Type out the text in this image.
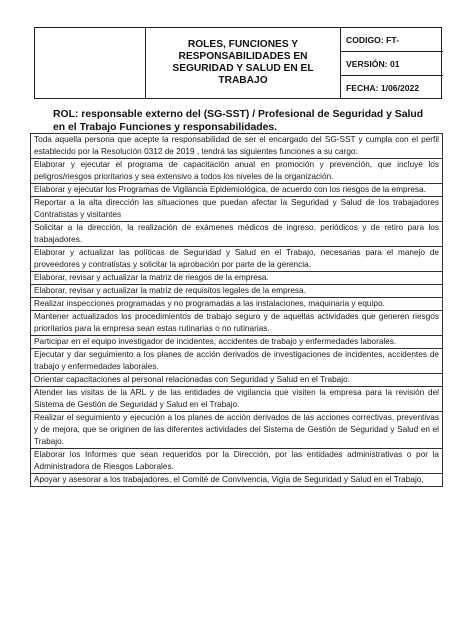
ROLES, FUNCIONES Y RESPONSABILIDADES EN SEGURIDAD Y SALUD EN EL TRABAJO
CODIGO: FT-
VERSIÓN: 01
FECHA: 1/06/2022
ROL: responsable externo del (SG-SST) / Profesional de Seguridad y Salud en el Trabajo Funciones y responsabilidades.
Toda aquella persona que acepte la responsabilidad de ser el encargado del SG-SST y cumpla con el perfil establecido por la Resolución 0312 de 2019 , tendrá las siguientes funciones a su cargo:
Elaborar y ejecutar el programa de capacitación anual en promoción y prevención, que incluye los peligros/riesgos prioritarios y sea extensivo a todos los niveles de la organización.
Elaborar y ejecutar los Programas de Vigilancia Epidemiológica, de acuerdo con los riesgos de la empresa.
Reportar a la alta dirección las situaciones que puedan afectar la Seguridad y Salud de los trabajadores Contratistas y visitantes
Solicitar a la dirección, la realización de exámenes médicos de ingreso, periódicos y de retiro para los trabajadores.
Elaborar y actualizar las políticas de Seguridad y Salud en el Trabajo, necesarias para el manejo de proveedores y contratistas y solicitar la aprobación por parte de la gerencia.
Elaborar, revisar y actualizar la matriz de riesgos de la empresa.
Elaborar, revisar y actualizar la matriz de requisitos legales de la empresa.
Realizar inspecciones programadas y no programadas a las instalaciones, maquinaria y equipo.
Mantener actualizados los procedimientos de trabajo seguro y de aquellas actividades que generen riesgos prioritarios para la empresa sean estas rutinarias o no rutinarias.
Participar en el equipo investigador de incidentes, accidentes de trabajo y enfermedades laborales.
Ejecutar y dar seguimiento a los planes de acción derivados de investigaciones de incidentes, accidentes de trabajo y enfermedades laborales.
Orientar capacitaciones al personal relacionadas con Seguridad y Salud en el Trabajo.
Atender las visitas de la ARL y de las entidades de vigilancia que visiten la empresa para la revisión del Sistema de Gestión de Seguridad y Salud en el Trabajo.
Realizar el seguimiento y ejecución a los planes de acción derivados de las acciones correctivas, preventivas y de mejora, que se originen de las diferentes actividades del Sistema de Gestión de Seguridad y Salud en el Trabajo.
Elaborar los Informes que sean requeridos por la Dirección, por las entidades administrativas o por la Administradora de Riesgos Laborales.
Apoyar y asesorar a los trabajadores, el Comité de Convivencia, Vigía de Seguridad y Salud en el Trabajo,
